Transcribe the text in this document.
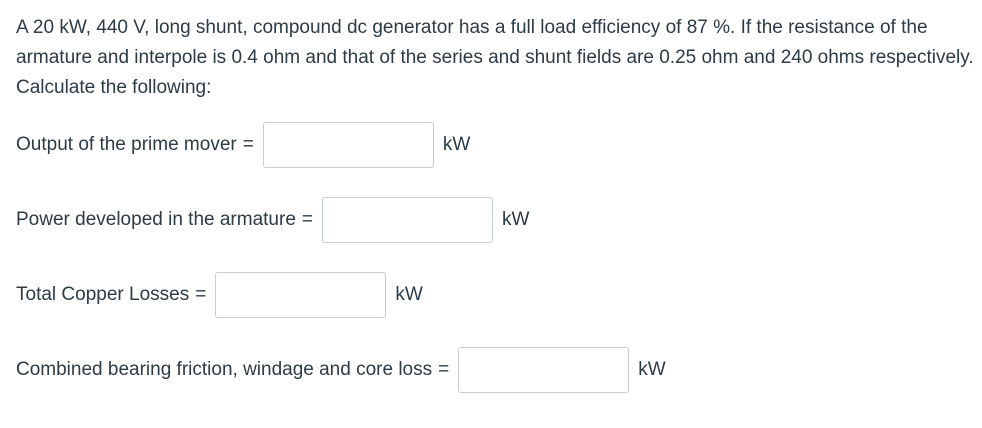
A 20 kW, 440 V, long shunt, compound dc generator has a full load efficiency of 87 %. If the resistance of the armature and interpole is 0.4 ohm and that of the series and shunt fields are 0.25 ohm and 240 ohms respectively. Calculate the following:

Output of the prime mover =	kW
Power developed in the armature =	kW
Total Copper Losses =	kW
Combined bearing friction, windage and core loss =	kW
